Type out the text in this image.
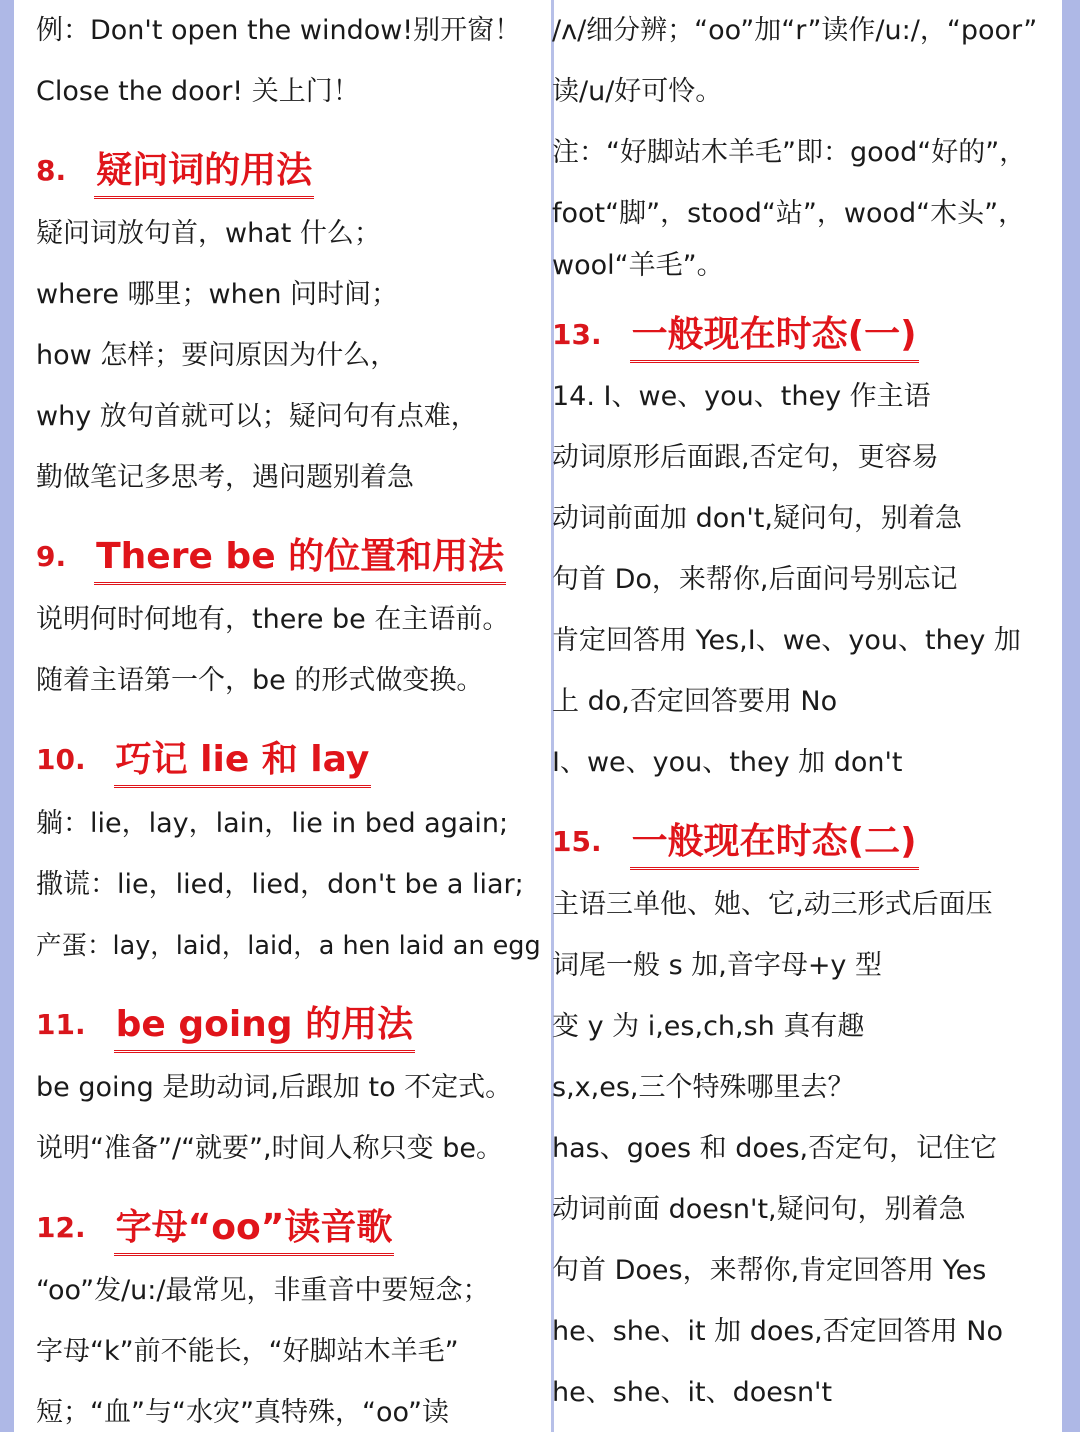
例：Don't open the window!别开窗！
Close the door! 关上门！
8. 疑问词的用法
疑问词放句首，what 什么；
where 哪里；when 问时间；
how 怎样；要问原因为什么，
why 放句首就可以；疑问句有点难，
勤做笔记多思考，遇问题别着急
9. There be 的位置和用法
说明何时何地有，there be 在主语前。
随着主语第一个，be 的形式做变换。
10. 巧记 lie 和 lay
躺：lie，lay，lain，lie in bed again;
撒谎：lie，lied，lied，don't be a liar;
产蛋：lay，laid，laid，a hen laid an egg
11. be going 的用法
be going 是助动词,后跟加 to 不定式。
说明“准备”/“就要”,时间人称只变 be。
12. 字母“oo”读音歌
“oo”发/u:/最常见，非重音中要短念；
字母“k”前不能长，“好脚站木羊毛”
短；“血”与“水灾”真特殊，“oo”读
/ʌ/细分辨；“oo”加“r”读作/u:/，“poor”
读/u/好可怜。
注：“好脚站木羊毛”即：good“好的”，
foot“脚”，stood“站”，wood“木头”，
wool“羊毛”。
13. 一般现在时态(一)
14. I、we、you、they 作主语
动词原形后面跟,否定句，更容易
动词前面加 don't,疑问句，别着急
句首 Do，来帮你,后面问号别忘记
肯定回答用 Yes,I、we、you、they 加
上 do,否定回答要用 No
I、we、you、they 加 don't
15. 一般现在时态(二)
主语三单他、她、它,动三形式后面压
词尾一般 s 加,音字母+y 型
变 y 为 i,es,ch,sh 真有趣
s,x,es,三个特殊哪里去？
has、goes 和 does,否定句，记住它
动词前面 doesn't,疑问句，别着急
句首 Does，来帮你,肯定回答用 Yes
he、she、it 加 does,否定回答用 No
he、she、it、doesn't
